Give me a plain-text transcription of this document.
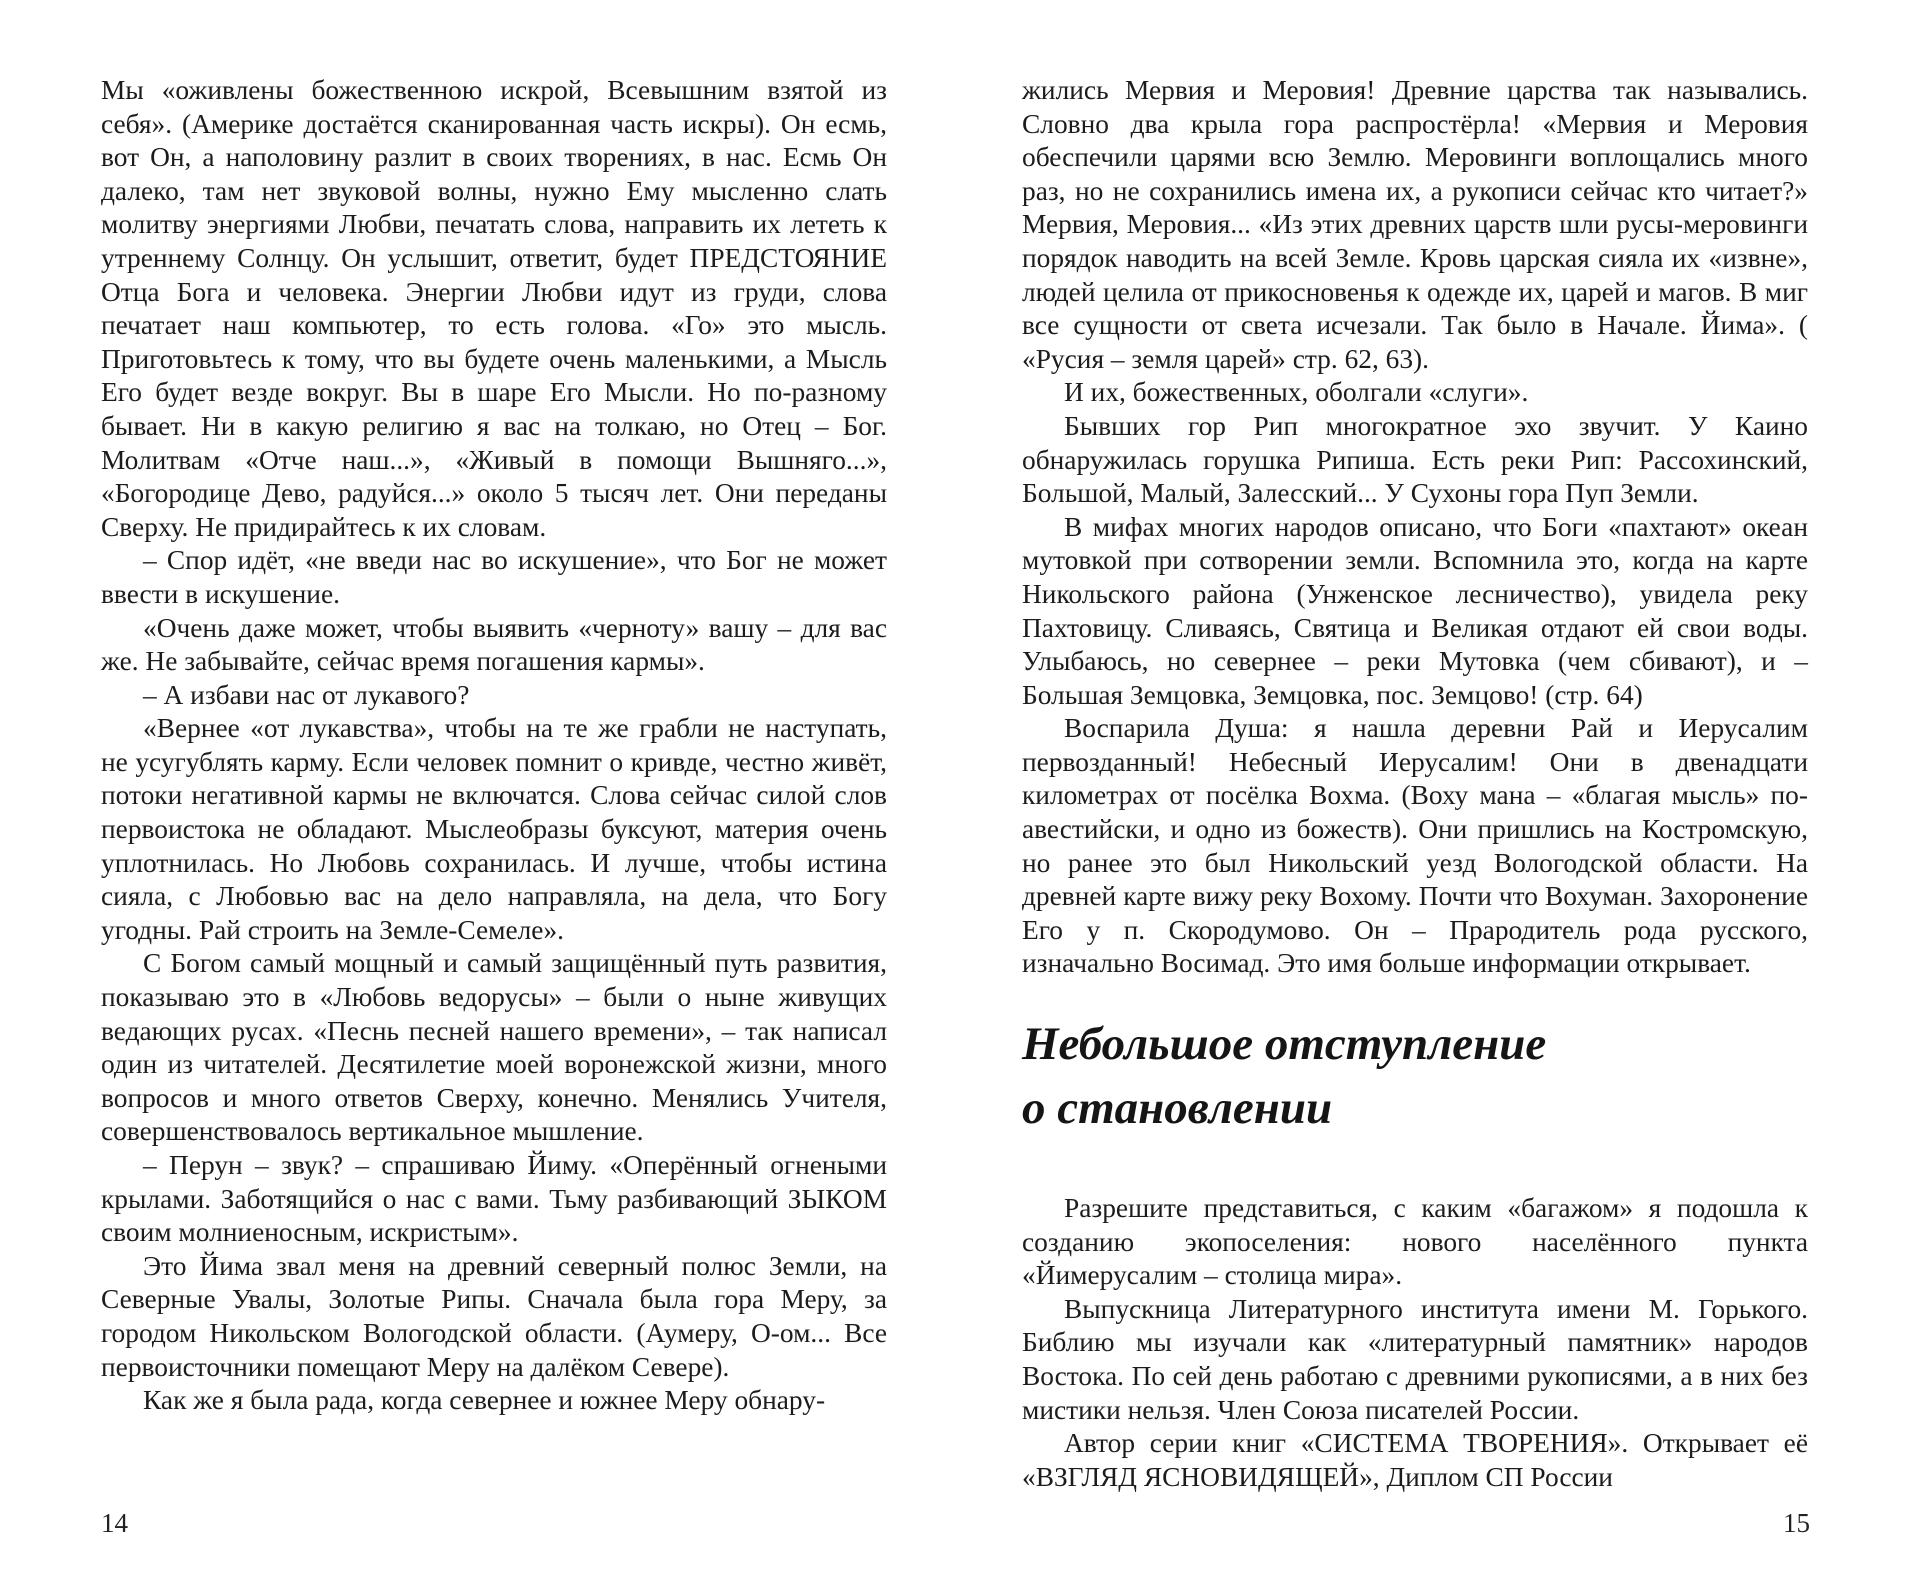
Мы «оживлены божественною искрой, Всевышним взятой из себя». (Америке достаётся сканированная часть искры). Он есмь, вот Он, а наполовину разлит в своих творениях, в нас. Есмь Он далеко, там нет звуковой волны, нужно Ему мысленно слать молитву энергиями Любви, печатать слова, направить их лететь к утреннему Солнцу. Он услышит, ответит, будет ПРЕДСТОЯНИЕ Отца Бога и человека. Энергии Любви идут из груди, слова печатает наш компьютер, то есть голова. «Го» это мысль. Приготовьтесь к тому, что вы будете очень маленькими, а Мысль Его будет везде вокруг. Вы в шаре Его Мысли. Но по-разному бывает. Ни в какую религию я вас на толкаю, но Отец – Бог. Молитвам «Отче наш...», «Живый в помощи Вышняго...», «Богородице Дево, радуйся...» около 5 тысяч лет. Они переданы Сверху. Не придирайтесь к их словам.

– Спор идёт, «не введи нас во искушение», что Бог не может ввести в искушение.

«Очень даже может, чтобы выявить «черноту» вашу – для вас же. Не забывайте, сейчас время погашения кармы».

– А избави нас от лукавого?

«Вернее «от лукавства», чтобы на те же грабли не наступать, не усугублять карму. Если человек помнит о кривде, честно живёт, потоки негативной кармы не включатся. Слова сейчас силой слов первоистока не обладают. Мыслеобразы буксуют, материя очень уплотнилась. Но Любовь сохранилась. И лучше, чтобы истина сияла, с Любовью вас на дело направляла, на дела, что Богу угодны. Рай строить на Земле-Семеле».

С Богом самый мощный и самый защищённый путь развития, показываю это в «Любовь ведорусы» – были о ныне живущих ведающих русах. «Песнь песней нашего времени», – так написал один из читателей. Десятилетие моей воронежской жизни, много вопросов и много ответов Сверху, конечно. Менялись Учителя, совершенствовалось вертикальное мышление.

– Перун – звук? – спрашиваю Йиму. «Оперённый огнеными крылами. Заботящийся о нас с вами. Тьму разбивающий ЗЫКОМ своим молниеносным, искристым».

Это Йима звал меня на древний северный полюс Земли, на Северные Увалы, Золотые Рипы. Сначала была гора Меру, за городом Никольском Вологодской области. (Аумеру, О-ом... Все первоисточники помещают Меру на далёком Севере).

Как же я была рада, когда севернее и южнее Меру обнару-

14

жились Мервия и Меровия! Древние царства так назывались. Словно два крыла гора распростёрла! «Мервия и Меровия обеспечили царями всю Землю. Меровинги воплощались много раз, но не сохранились имена их, а рукописи сейчас кто читает?» Мервия, Меровия... «Из этих древних царств шли русы-меровинги порядок наводить на всей Земле. Кровь царская сияла их «извне», людей целила от прикосновенья к одежде их, царей и магов. В миг все сущности от света исчезали. Так было в Начале. Йима». ( «Русия – земля царей» стр. 62, 63).

И их, божественных, оболгали «слуги».

Бывших гор Рип многократное эхо звучит. У Каино обнаружилась горушка Рипиша. Есть реки Рип: Рассохинский, Большой, Малый, Залесский... У Сухоны гора Пуп Земли.

В мифах многих народов описано, что Боги «пахтают» океан мутовкой при сотворении земли. Вспомнила это, когда на карте Никольского района (Унженское лесничество), увидела реку Пахтовицу. Сливаясь, Святица и Великая отдают ей свои воды. Улыбаюсь, но севернее – реки Мутовка (чем сбивают), и – Большая Земцовка, Земцовка, пос. Земцово! (стр. 64)

Воспарила Душа: я нашла деревни Рай и Иерусалим первозданный! Небесный Иерусалим! Они в двенадцати километрах от посёлка Вохма. (Воху мана – «благая мысль» по-авестийски, и одно из божеств). Они пришлись на Костромскую, но ранее это был Никольский уезд Вологодской области. На древней карте вижу реку Вохому. Почти что Вохуман. Захоронение Его у п. Скородумово. Он – Прародитель рода русского, изначально Восимад. Это имя больше информации открывает.

Небольшое отступление
о становлении

Разрешите представиться, с каким «багажом» я подошла к созданию экопоселения: нового населённого пункта «Йимерусалим – столица мира».

Выпускница Литературного института имени М. Горького. Библию мы изучали как «литературный памятник» народов Востока. По сей день работаю с древними рукописями, а в них без мистики нельзя. Член Союза писателей России.

Автор серии книг «СИСТЕМА ТВОРЕНИЯ». Открывает её «ВЗГЛЯД ЯСНОВИДЯЩЕЙ», Диплом СП России

15
